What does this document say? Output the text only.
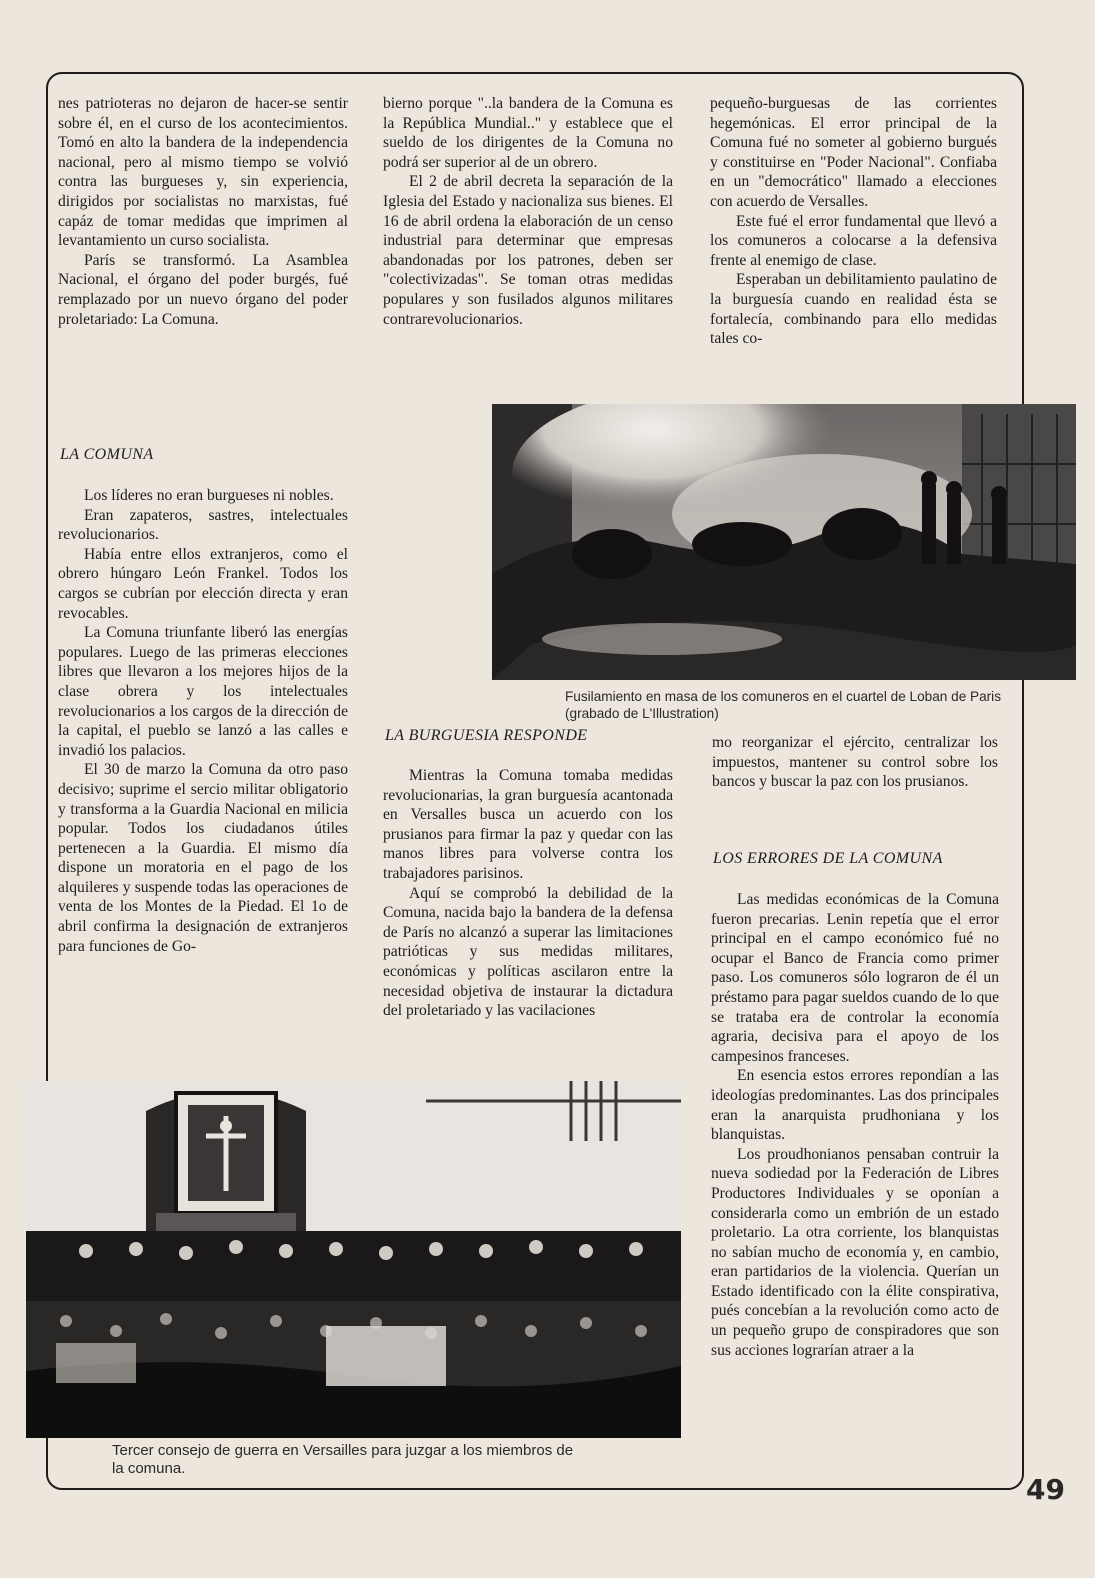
nes patrioteras no dejaron de hacer-se sentir sobre él, en el curso de los acontecimientos. Tomó en alto la bandera de la independencia nacional, pero al mismo tiempo se volvió contra las burgueses y, sin experiencia, dirigidos por socialistas no marxistas, fué capáz de tomar medidas que imprimen al levantamiento un curso socialista.

París se transformó. La Asamblea Nacional, el órgano del poder burgés, fué remplazado por un nuevo órgano del poder proletariado: La Comuna.

LA COMUNA

Los líderes no eran burgueses ni nobles.

Eran zapateros, sastres, intelectuales revolucionarios.

Había entre ellos extranjeros, como el obrero húngaro León Frankel. Todos los cargos se cubrían por elección directa y eran revocables.

La Comuna triunfante liberó las energías populares. Luego de las primeras elecciones libres que llevaron a los mejores hijos de la clase obrera y los intelectuales revolucionarios a los cargos de la dirección de la capital, el pueblo se lanzó a las calles e invadió los palacios.

El 30 de marzo la Comuna da otro paso decisivo; suprime el sercio militar obligatorio y transforma a la Guardia Nacional en milicia popular. Todos los ciudadanos útiles pertenecen a la Guardia. El mismo día dispone un moratoria en el pago de los alquileres y suspende todas las operaciones de venta de los Montes de la Piedad. El 1o de abril confirma la designación de extranjeros para funciones de Go-

bierno porque "..la bandera de la Comuna es la República Mundial.." y establece que el sueldo de los dirigentes de la Comuna no podrá ser superior al de un obrero.

El 2 de abril decreta la separación de la Iglesia del Estado y nacionaliza sus bienes. El 16 de abril ordena la elaboración de un censo industrial para determinar que empresas abandonadas por los patrones, deben ser "colectivizadas". Se toman otras medidas populares y son fusilados algunos militares contrarevolucionarios.

pequeño-burguesas de las corrientes hegemónicas. El error principal de la Comuna fué no someter al gobierno burgués y constituirse en "Poder Nacional". Confiaba en un "democrático" llamado a elecciones con acuerdo de Versalles.

Este fué el error fundamental que llevó a los comuneros a colocarse a la defensiva frente al enemigo de clase.

Esperaban un debilitamiento paulatino de la burguesía cuando en realidad ésta se fortalecía, combinando para ello medidas tales co-

Fusilamiento en masa de los comuneros en el cuartel de Loban de Paris (grabado de L'Illustration)
LA BURGUESIA RESPONDE

Mientras la Comuna tomaba medidas revolucionarias, la gran burguesía acantonada en Versalles busca un acuerdo con los prusianos para firmar la paz y quedar con las manos libres para volverse contra los trabajadores parisinos.

Aquí se comprobó la debilidad de la Comuna, nacida bajo la bandera de la defensa de París no alcanzó a superar las limitaciones patrióticas y sus medidas militares, económicas y políticas ascilaron entre la necesidad objetiva de instaurar la dictadura del proletariado y las vacilaciones

mo reorganizar el ejército, centralizar los impuestos, mantener su control sobre los bancos y buscar la paz con los prusianos.

LOS ERRORES DE LA COMUNA

Las medidas económicas de la Comuna fueron precarias. Lenin repetía que el error principal en el campo económico fué no ocupar el Banco de Francia como primer paso. Los comuneros sólo lograron de él un préstamo para pagar sueldos cuando de lo que se trataba era de controlar la economía agraria, decisiva para el apoyo de los campesinos franceses.

En esencia estos errores repondían a las ideologías predominantes. Las dos principales eran la anarquista prudhoniana y los blanquistas.

Los proudhonianos pensaban contruir la nueva sodiedad por la Federación de Libres Productores Individuales y se oponían a considerarla como un embrión de un estado proletario. La otra corriente, los blanquistas no sabían mucho de economía y, en cambio, eran partidarios de la violencia. Querían un Estado identificado con la élite conspirativa, pués concebían a la revolución como acto de un pequeño grupo de conspiradores que son sus acciones lograrían atraer a la

Tercer consejo de guerra en Versailles para juzgar a los miembros de la comuna.
49
